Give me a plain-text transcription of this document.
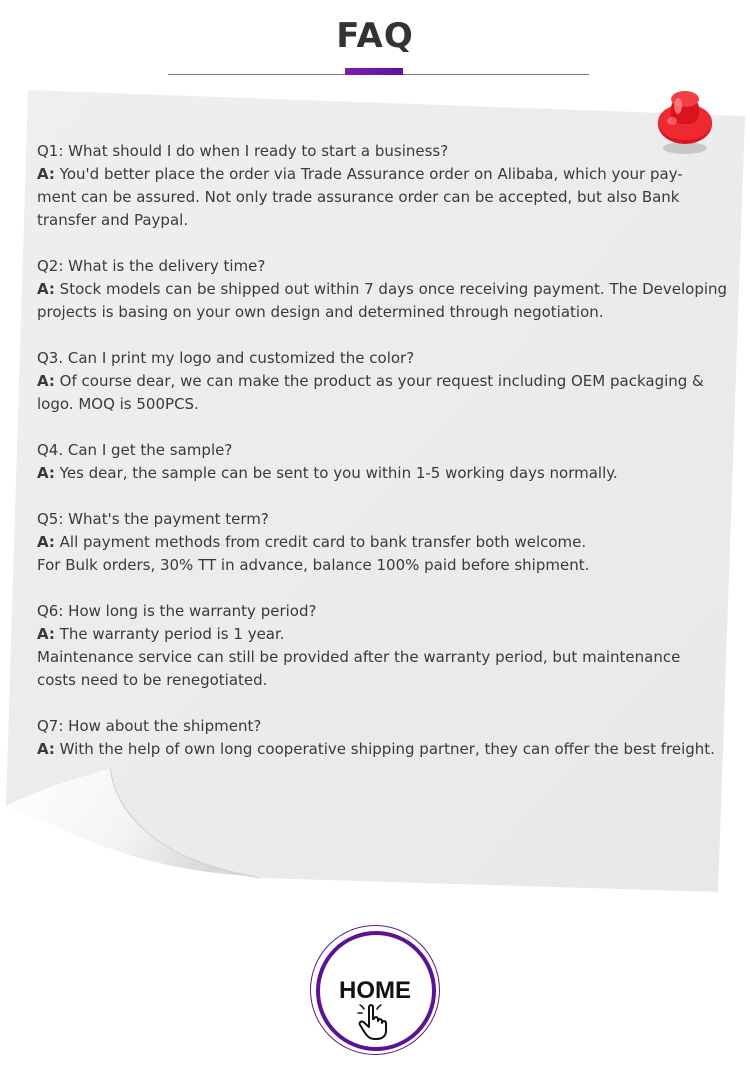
FAQ
Q1: What should I do when I ready to start a business?
A: You'd better place the order via Trade Assurance order on Alibaba, which your pay-
ment can be assured. Not only trade assurance order can be accepted, but also Bank
transfer and Paypal.
Q2: What is the delivery time?
A: Stock models can be shipped out within 7 days once receiving payment. The Developing
projects is basing on your own design and determined through negotiation.
Q3. Can I print my logo and customized the color?
A: Of course dear, we can make the product as your request including OEM packaging &
logo. MOQ is 500PCS.
Q4. Can I get the sample?
A: Yes dear, the sample can be sent to you within 1-5 working days normally.
Q5: What's the payment term?
A: All payment methods from credit card to bank transfer both welcome.
For Bulk orders, 30% TT in advance, balance 100% paid before shipment.
Q6: How long is the warranty period?
A: The warranty period is 1 year.
Maintenance service can still be provided after the warranty period, but maintenance
costs need to be renegotiated.
Q7: How about the shipment?
A: With the help of own long cooperative shipping partner, they can offer the best freight.
HOME
